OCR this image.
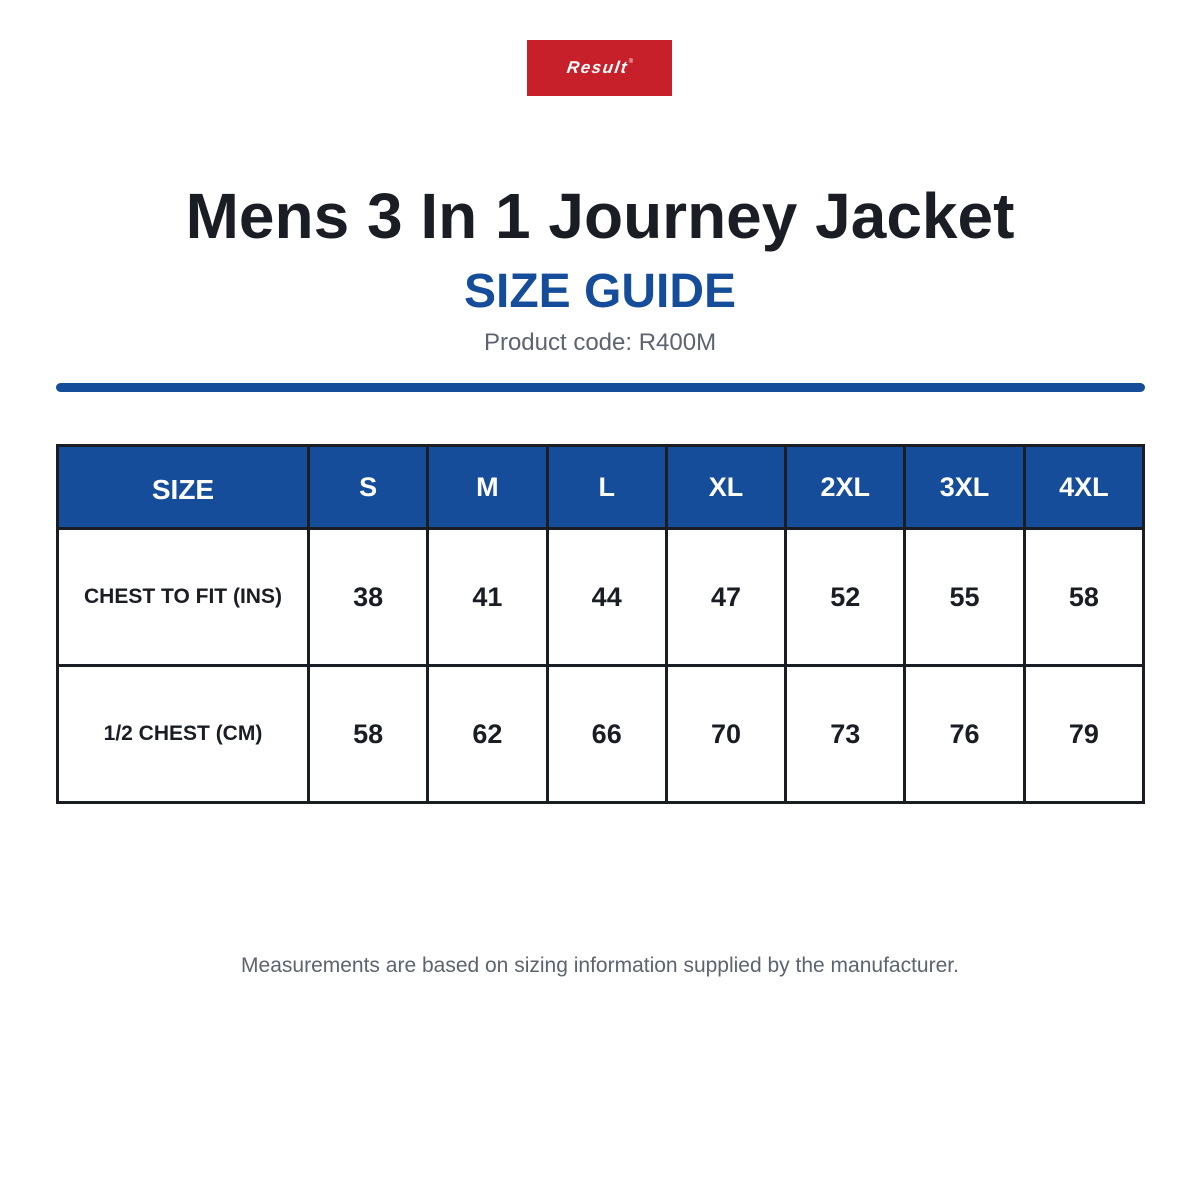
Result ®
Mens 3 In 1 Journey Jacket
SIZE GUIDE
Product code: R400M
SIZE	S	M	L	XL	2XL	3XL	4XL
CHEST TO FIT (INS)	38	41	44	47	52	55	58
1/2 CHEST (CM)	58	62	66	70	73	76	79
Measurements are based on sizing information supplied by the manufacturer.
